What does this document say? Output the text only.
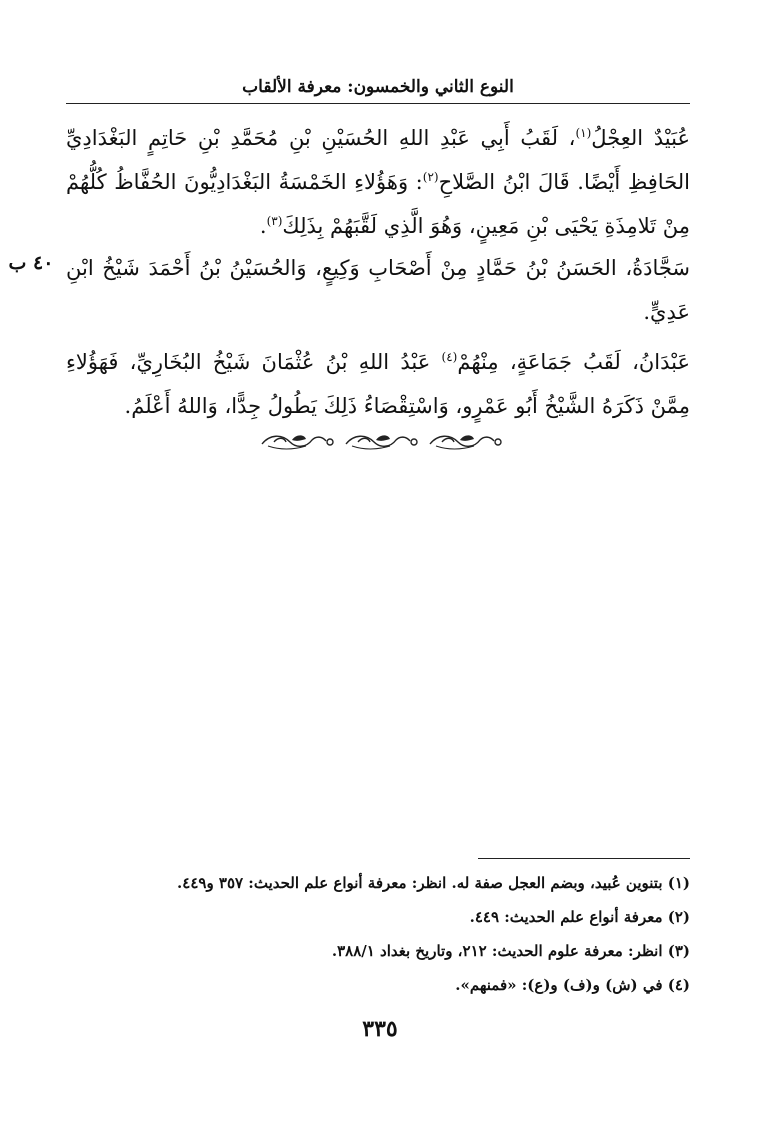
النوع الثاني والخمسون: معرفة الألقاب
٤٠ ب
عُبَيْدٌ العِجْلُ$^{(١)}$، لَقَبُ أَبِي عَبْدِ اللهِ الحُسَيْنِ بْنِ مُحَمَّدِ بْنِ حَاتِمٍ البَغْدَادِيِّ الحَافِظِ أَيْضًا. قَالَ ابْنُ الصَّلاحِ$^{(٢)}$: وَهَؤُلاءِ الخَمْسَةُ البَغْدَادِيُّونَ الحُفَّاظُ كُلُّهُمْ مِنْ تَلامِذَةِ يَحْيَى بْنِ مَعِينٍ، وَهُوَ الَّذِي لَقَّبَهُمْ بِذَلِكَ$^{(٣)}$.
سَجَّادَةُ، الحَسَنُ بْنُ حَمَّادٍ مِنْ أَصْحَابِ وَكِيعٍ، وَالحُسَيْنُ بْنُ أَحْمَدَ شَيْخُ ابْنِ عَدِيٍّ.
عَبْدَانُ، لَقَبُ جَمَاعَةٍ، مِنْهُمْ$^{(٤)}$ عَبْدُ اللهِ بْنُ عُثْمَانَ شَيْخُ البُخَارِيِّ، فَهَؤُلاءِ مِمَّنْ ذَكَرَهُ الشَّيْخُ أَبُو عَمْرٍو، وَاسْتِقْصَاءُ ذَلِكَ يَطُولُ جِدًّا، وَاللهُ أَعْلَمُ.
(١) بتنوين عُبيد، وبضم العجل صفة له. انظر: معرفة أنواع علم الحديث: ٣٥٧ و٤٤٩.
(٢) معرفة أنواع علم الحديث: ٤٤٩.
(٣) انظر: معرفة علوم الحديث: ٢١٢، وتاريخ بغداد ٣٨٨/١.
(٤) في (ش) و(ف) و(ع): «فمنهم».
٣٣٥
